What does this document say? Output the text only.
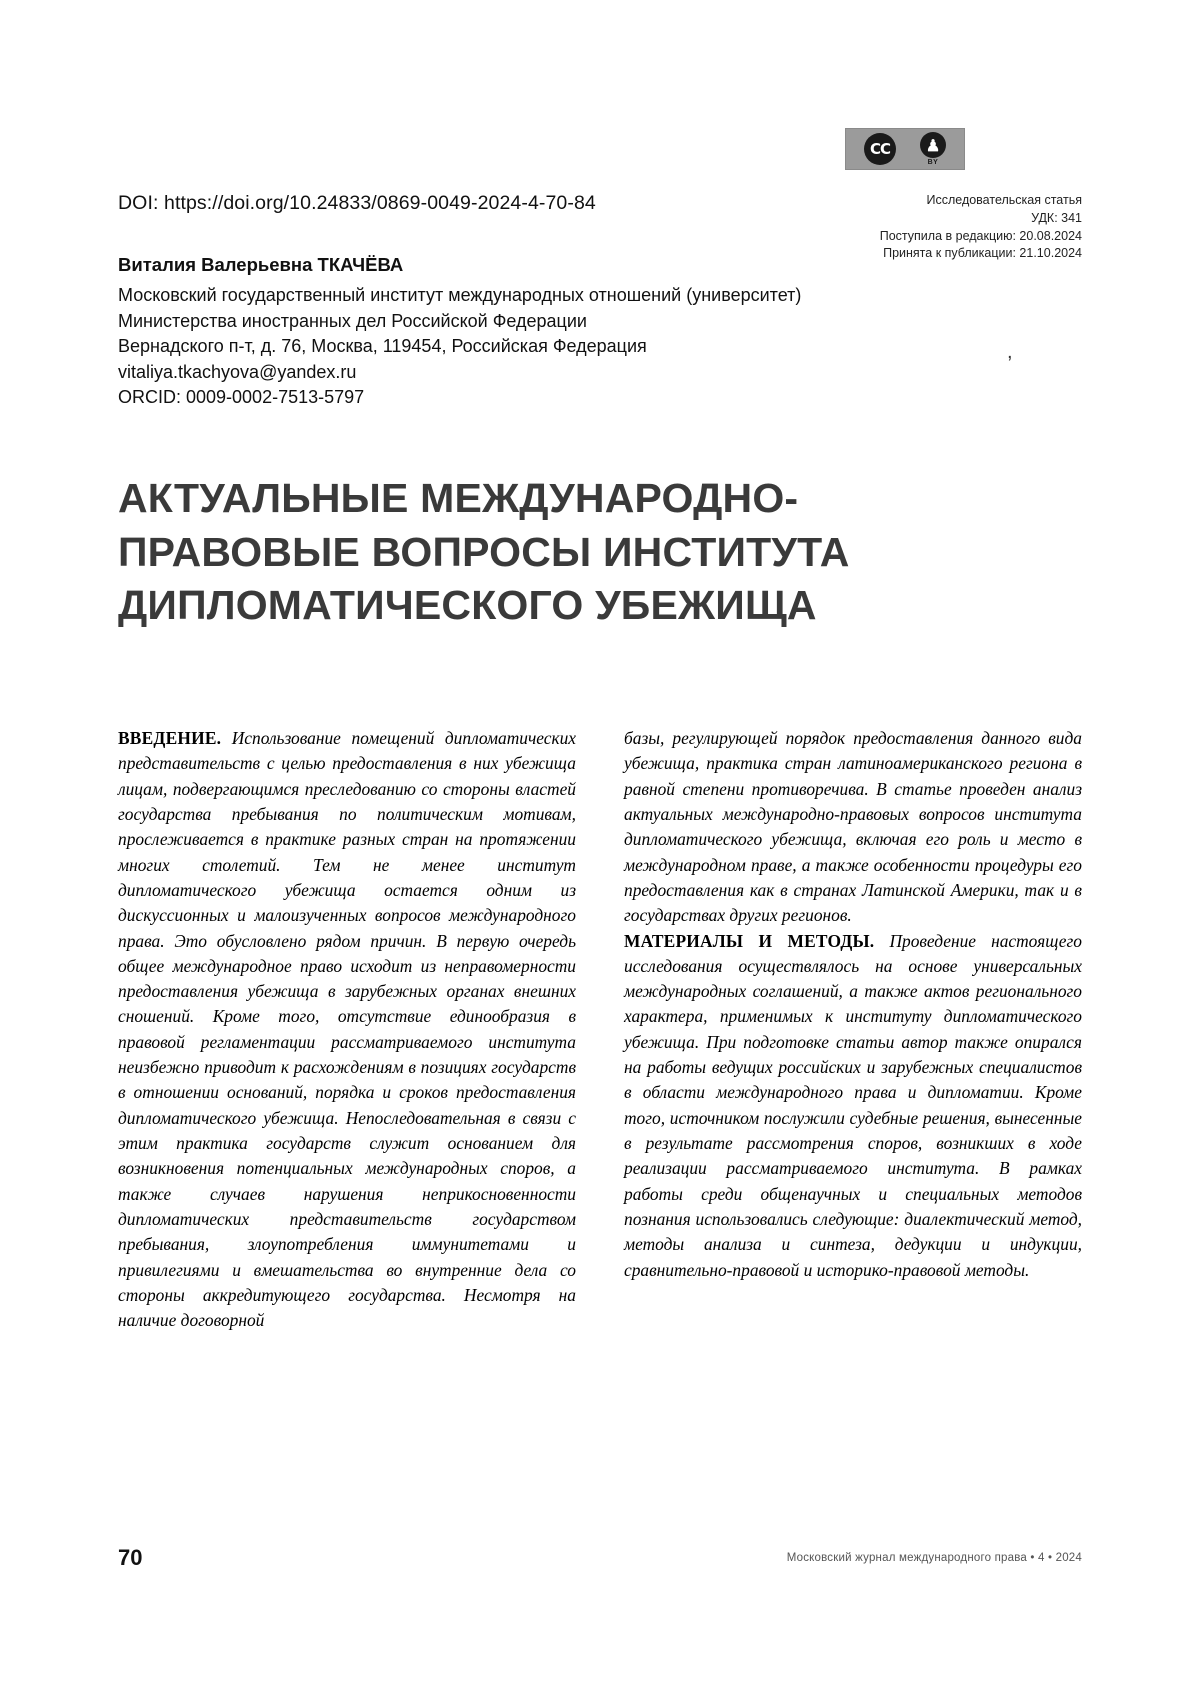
CC	♟
BY
DOI: https://doi.org/10.24833/0869-0049-2024-4-70-84	Исследовательская статья
УДК: 341
Поступила в редакцию: 20.08.2024
Принята к публикации: 21.10.2024
Виталия Валерьевна ТКАЧЁВА
Московский государственный институт международных отношений (университет)
Министерства иностранных дел Российской Федерации
Вернадского п-т, д. 76, Москва, 119454, Российская Федерация
vitaliya.tkachyova@yandex.ru
ORCID: 0009-0002-7513-5797
,
АКТУАЛЬНЫЕ МЕЖДУНАРОДНО-ПРАВОВЫЕ ВОПРОСЫ ИНСТИТУТА ДИПЛОМАТИЧЕСКОГО УБЕЖИЩА

ВВЕДЕНИЕ. Использование помещений дипломатических представительств с целью предоставления в них убежища лицам, подвергающимся преследованию со стороны властей государства пребывания по политическим мотивам, прослеживается в практике разных стран на протяжении многих столетий. Тем не менее институт дипломатического убежища остается одним из дискуссионных и малоизученных вопросов международного права. Это обусловлено рядом причин. В первую очередь общее международное право исходит из неправомерности предоставления убежища в зарубежных органах внешних сношений. Кроме того, отсутствие единообразия в правовой регламентации рассматриваемого института неизбежно приводит к расхождениям в позициях государств в отношении оснований, порядка и сроков предоставления дипломатического убежища. Непоследовательная в связи с этим практика государств служит основанием для возникновения потенциальных международных споров, а также случаев нарушения неприкосновенности дипломатических представительств государством пребывания, злоупотребления иммунитетами и привилегиями и вмешательства во внутренние дела со стороны аккредитующего государства. Несмотря на наличие договорной

базы, регулирующей порядок предоставления данного вида убежища, практика стран латиноамериканского региона в равной степени противоречива. В статье проведен анализ актуальных международно-правовых вопросов института дипломатического убежища, включая его роль и место в международном праве, а также особенности процедуры его предоставления как в странах Латинской Америки, так и в государствах других регионов.

МАТЕРИАЛЫ И МЕТОДЫ. Проведение настоящего исследования осуществлялось на основе универсальных международных соглашений, а также актов регионального характера, применимых к институту дипломатического убежища. При подготовке статьи автор также опирался на работы ведущих российских и зарубежных специалистов в области международного права и дипломатии. Кроме того, источником послужили судебные решения, вынесенные в результате рассмотрения споров, возникших в ходе реализации рассматриваемого института. В рамках работы среди общенаучных и специальных методов познания использовались следующие: диалектический метод, методы анализа и синтеза, дедукции и индукции, сравнительно-правовой и историко-правовой методы.

70	Московский журнал международного права • 4 • 2024
